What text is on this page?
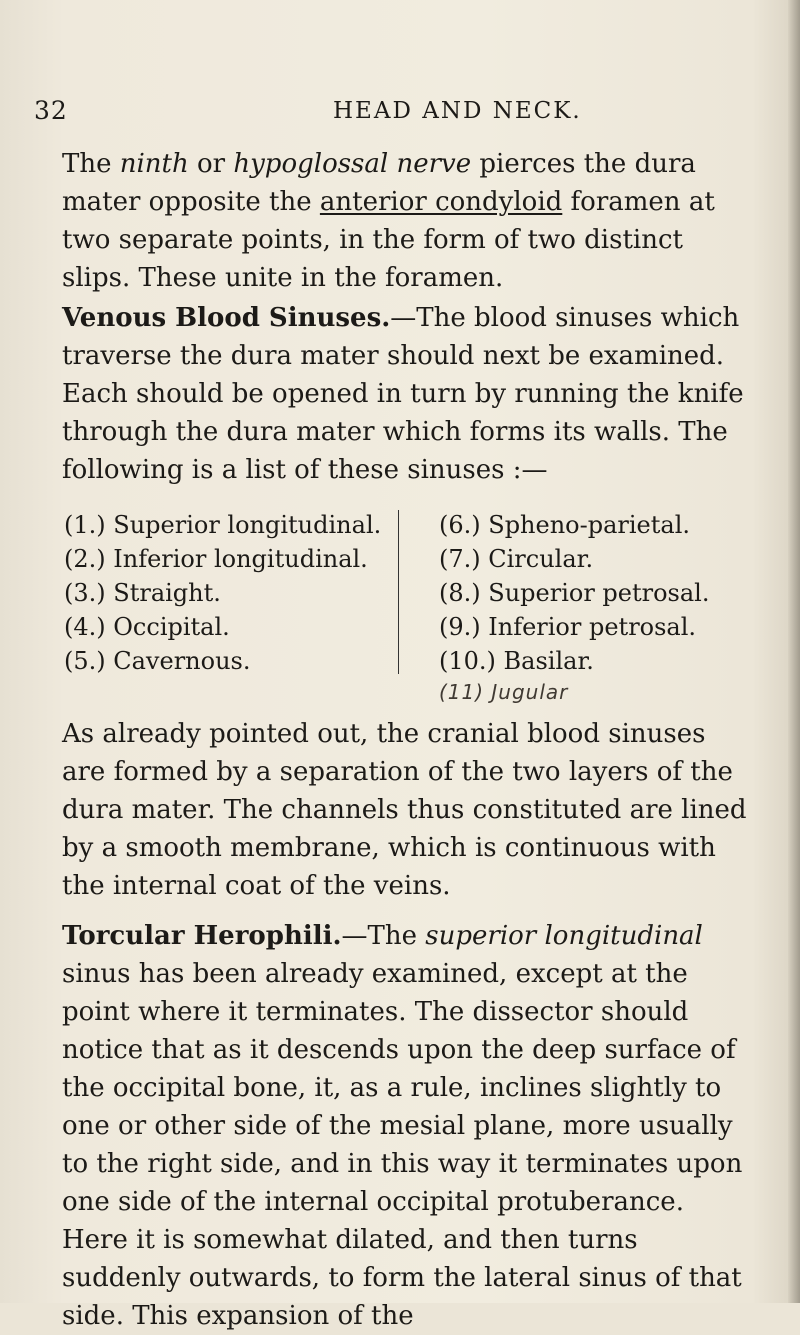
32	HEAD AND NECK.

The ninth or hypoglossal nerve pierces the dura mater opposite the anterior condyloid foramen at two separate points, in the form of two distinct slips. These unite in the foramen.

Venous Blood Sinuses.—The blood sinuses which traverse the dura mater should next be examined. Each should be opened in turn by running the knife through the dura mater which forms its walls. The following is a list of these sinuses :—

(1.) Superior longitudinal.
(2.) Inferior longitudinal.
(3.) Straight.
(4.) Occipital.
(5.) Cavernous.
(6.) Spheno-parietal.
(7.) Circular.
(8.) Superior petrosal.
(9.) Inferior petrosal.
(10.) Basilar.
(11) Jugular

As already pointed out, the cranial blood sinuses are formed by a separation of the two layers of the dura mater. The channels thus constituted are lined by a smooth membrane, which is continuous with the internal coat of the veins.

Torcular Herophili.—The superior longitudinal sinus has been already examined, except at the point where it terminates. The dissector should notice that as it descends upon the deep surface of the occipital bone, it, as a rule, inclines slightly to one or other side of the mesial plane, more usually to the right side, and in this way it terminates upon one side of the internal occipital protuberance. Here it is somewhat dilated, and then turns suddenly outwards, to form the lateral sinus of that side. This expansion of the
